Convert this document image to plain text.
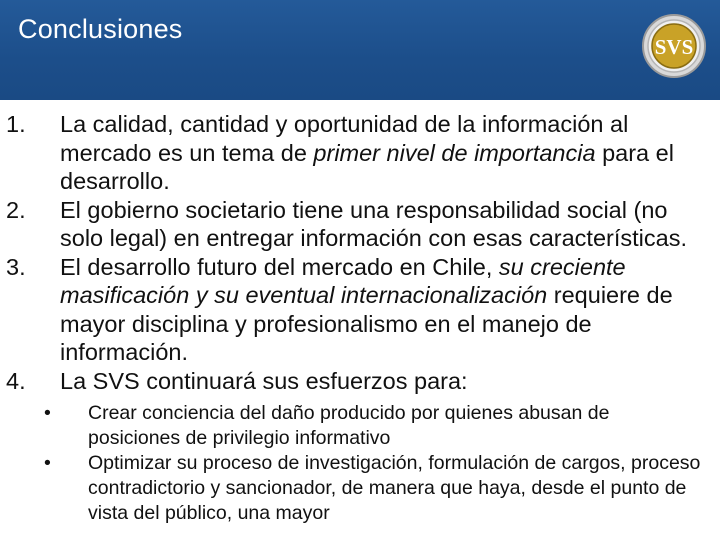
Conclusiones
SVS
1. La calidad, cantidad y oportunidad de la información al mercado es un tema de primer nivel de importancia para el desarrollo.
2. El gobierno societario tiene una responsabilidad social (no solo legal) en entregar información con esas características.
3. El desarrollo futuro del mercado en Chile, su creciente masificación y su eventual internacionalización requiere de mayor disciplina y profesionalismo en el manejo de información.
4. La SVS continuará sus esfuerzos para:
• Crear conciencia del daño producido por quienes abusan de posiciones de privilegio informativo
• Optimizar su proceso de investigación, formulación de cargos, proceso contradictorio y sancionador, de manera que haya, desde el punto de vista del público, una mayor
